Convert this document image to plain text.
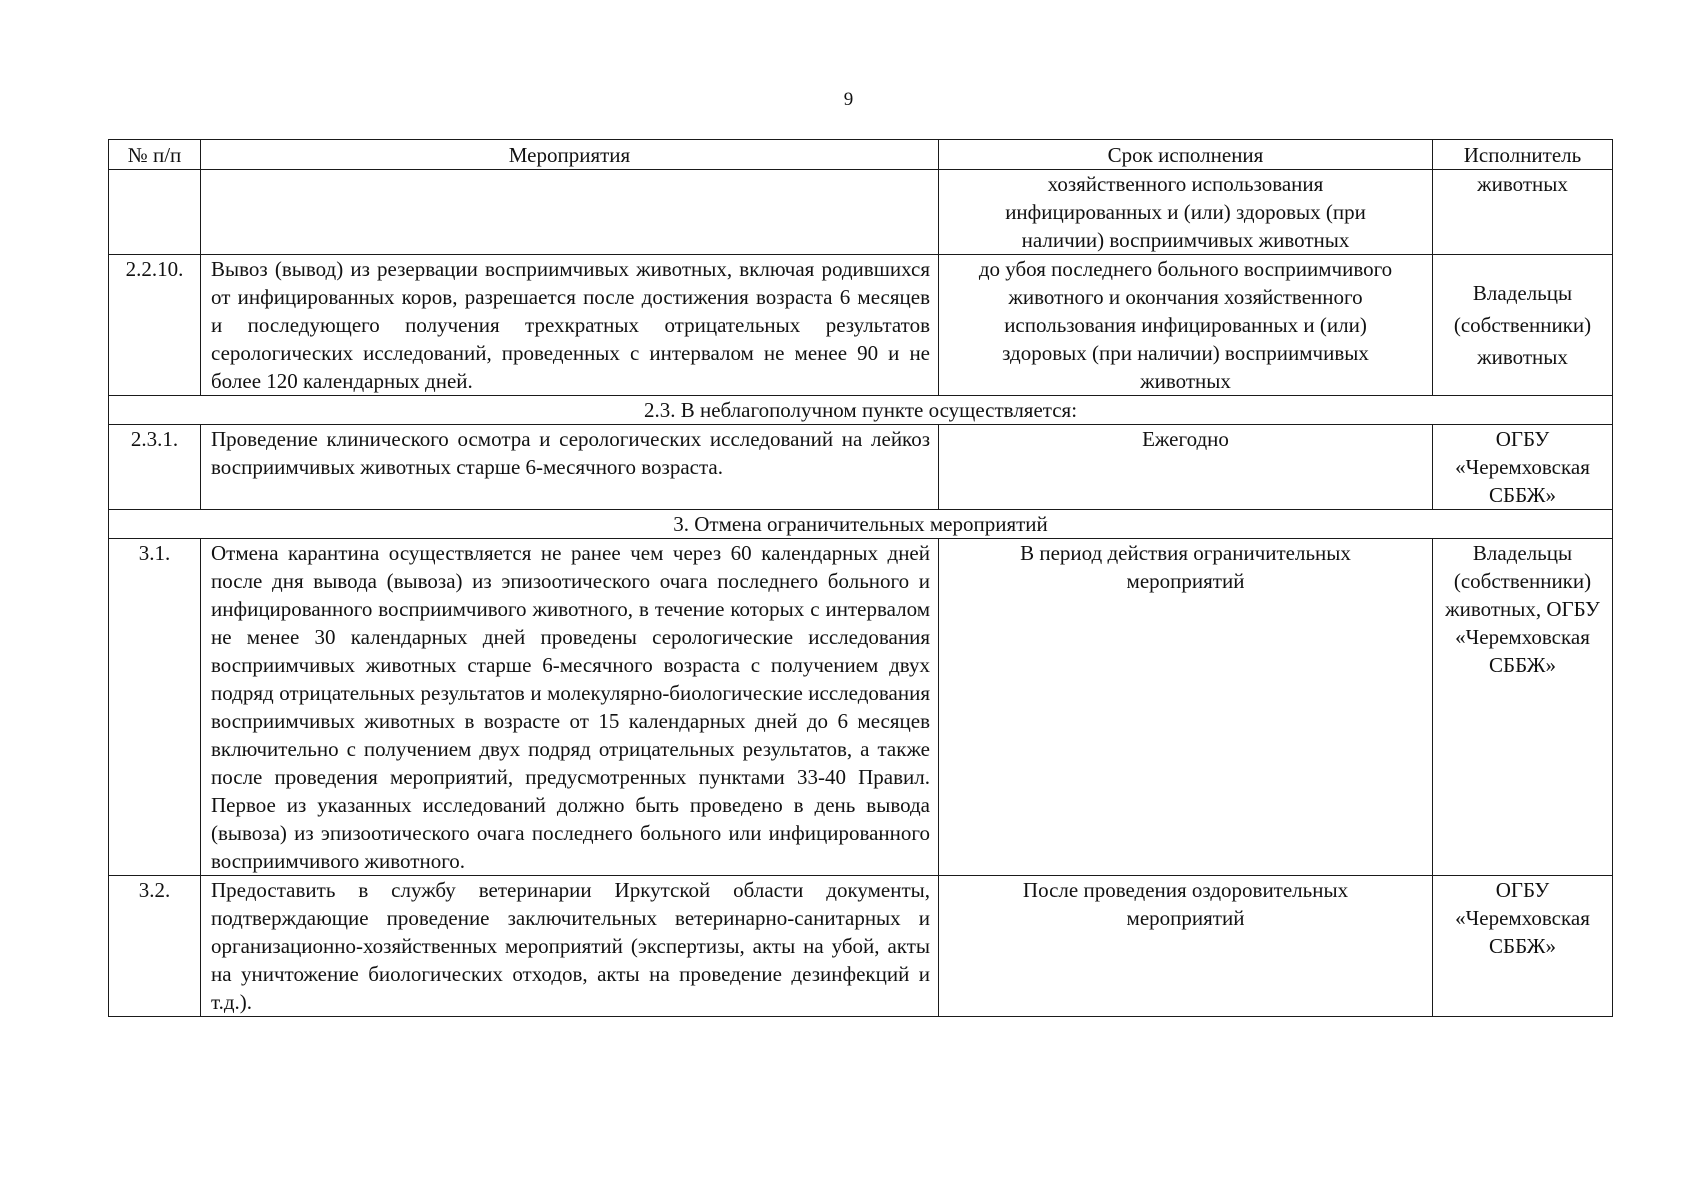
9
№ п/п	Мероприятия	Срок исполнения	Исполнитель
		хозяйственного использования инфицированных и (или) здоровых (при наличии) восприимчивых животных	животных
2.2.10.	Вывоз (вывод) из резервации восприимчивых животных, включая родившихся от инфицированных коров, разрешается после достижения возраста 6 месяцев и последующего получения трехкратных отрицательных результатов серологических исследований, проведенных с интервалом не менее 90 и не более 120 календарных дней.	до убоя последнего больного восприимчивого животного и окончания хозяйственного использования инфицированных и (или) здоровых (при наличии) восприимчивых животных	Владельцы (собственники) животных
2.3. В неблагополучном пункте осуществляется:			
2.3.1.	Проведение клинического осмотра и серологических исследований на лейкоз восприимчивых животных старше 6-месячного возраста.	Ежегодно	ОГБУ «Черемховская СББЖ»
3. Отмена ограничительных мероприятий			
3.1.	Отмена карантина осуществляется не ранее чем через 60 календарных дней после дня вывода (вывоза) из эпизоотического очага последнего больного и инфицированного восприимчивого животного, в течение которых с интервалом не менее 30 календарных дней проведены серологические исследования восприимчивых животных старше 6-месячного возраста с получением двух подряд отрицательных результатов и молекулярно-биологические исследования восприимчивых животных в возрасте от 15 календарных дней до 6 месяцев включительно с получением двух подряд отрицательных результатов, а также после проведения мероприятий, предусмотренных пунктами 33-40 Правил. Первое из указанных исследований должно быть проведено в день вывода (вывоза) из эпизоотического очага последнего больного или инфицированного восприимчивого животного.	В период действия ограничительных мероприятий	Владельцы (собственники) животных, ОГБУ «Черемховская СББЖ»
3.2.	Предоставить в службу ветеринарии Иркутской области документы, подтверждающие проведение заключительных ветеринарно-санитарных и организационно-хозяйственных мероприятий (экспертизы, акты на убой, акты на уничтожение биологических отходов, акты на проведение дезинфекций и т.д.).	После проведения оздоровительных мероприятий	ОГБУ «Черемховская СББЖ»
